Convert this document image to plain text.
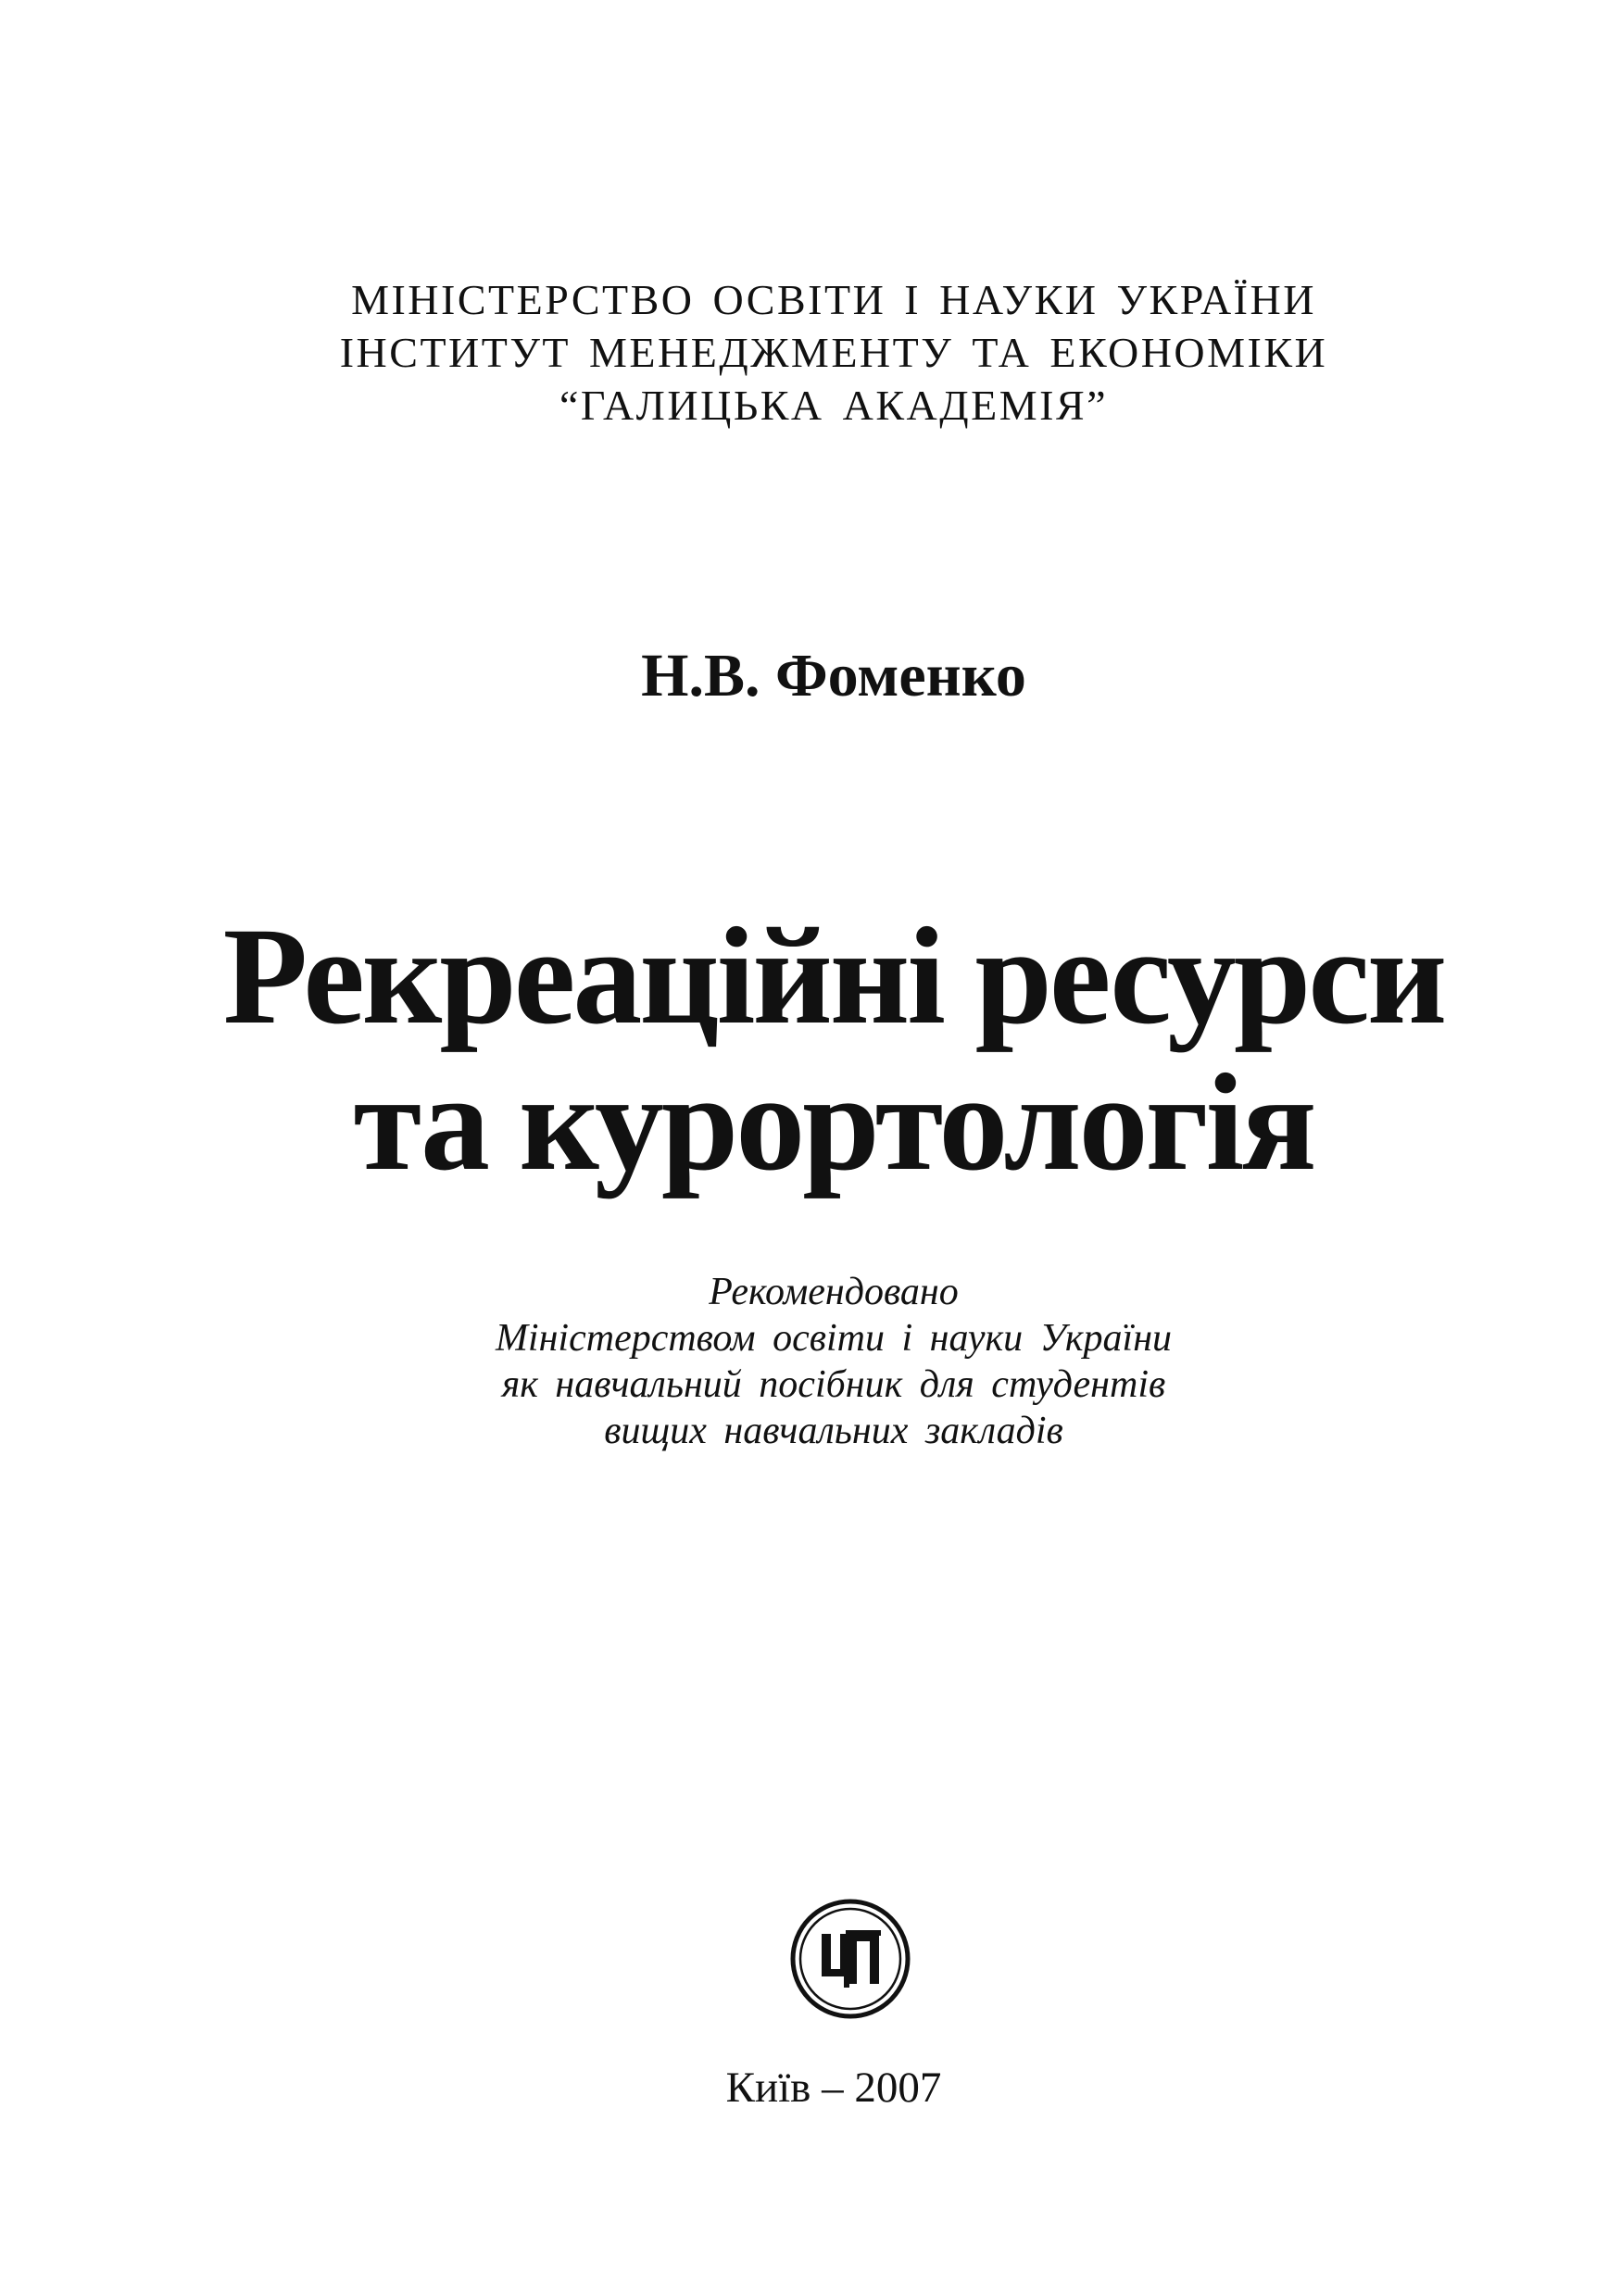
МІНІСТЕРСТВО ОСВІТИ І НАУКИ УКРАЇНИ
ІНСТИТУТ МЕНЕДЖМЕНТУ ТА ЕКОНОМІКИ
“ГАЛИЦЬКА АКАДЕМІЯ”
Н.В. Фоменко
Рекреаційні ресурси
та курортологія
Рекомендовано
Міністерством освіти і науки України
як навчальний посібник для студентів
вищих навчальних закладів
Київ – 2007
